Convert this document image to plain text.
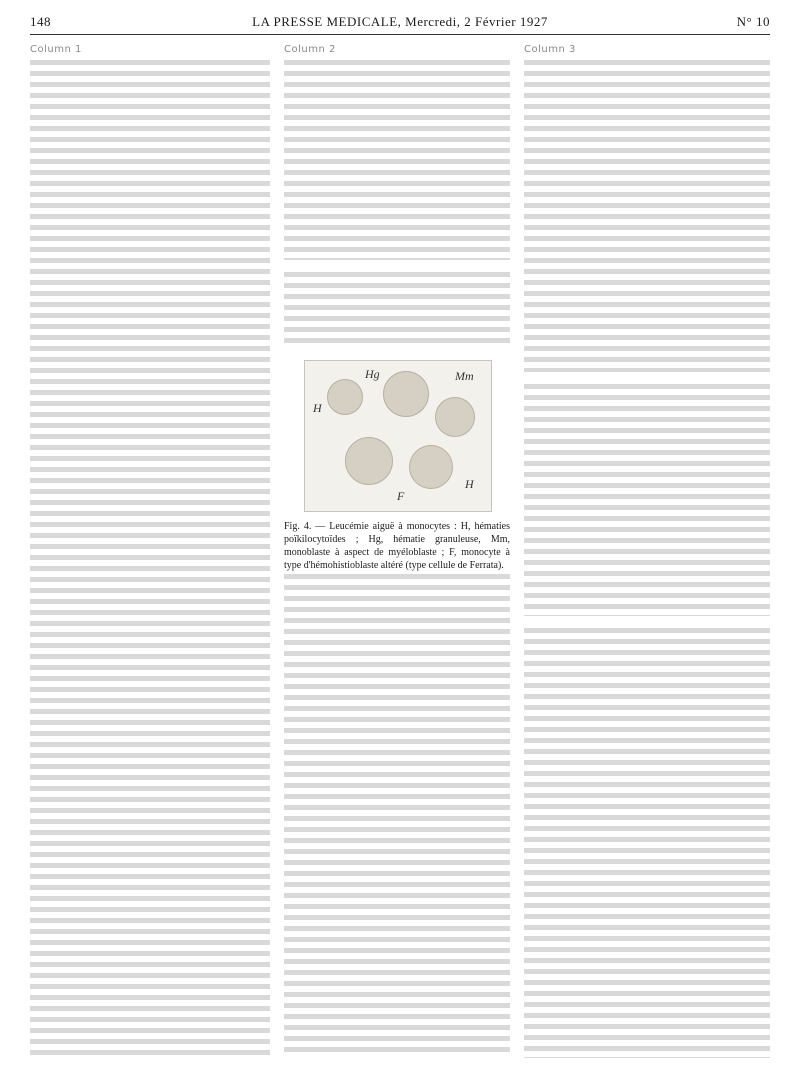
148	LA PRESSE MEDICALE, Mercredi, 2 Février 1927	N° 10
Column 1	Column 2
H
Hg	Mm
F
H
Fig. 4. — Leucémie aiguë à monocytes : H, hématies poïkilocytoïdes ; Hg, hématie granuleuse, Mm, monoblaste à aspect de myéloblaste ; F, monocyte à type d'hémohistioblaste altéré (type cellule de Ferrata).
Column 3
